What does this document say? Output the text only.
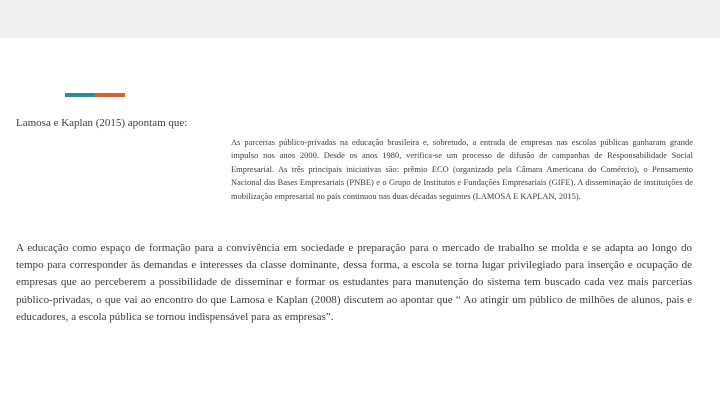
Lamosa e Kaplan (2015) apontam que:
As parcerias público-privadas na educação brasileira e, sobretudo, a entrada de empresas nas escolas públicas ganharam grande impulso nos anos 2000. Desde os anos 1980, verifica-se um processo de difusão de campanhas de Responsabilidade Social Empresarial. As três principais iniciativas são: prêmio ECO (organizado pela Câmara Americana do Comércio), o Pensamento Nacional das Bases Empresariais (PNBE) e o Grupo de Institutos e Fundações Empresariais (GIFE). A disseminação de instituições de mobilização empresarial no país continuou nas duas décadas seguintes (LAMOSA E KAPLAN, 2015).
A educação como espaço de formação para a convivência em sociedade e preparação para o mercado de trabalho se molda e se adapta ao longo do tempo para corresponder às demandas e interesses da classe dominante, dessa forma, a escola se torna lugar privilegiado para inserção e ocupação de empresas que ao perceberem a possibilidade de disseminar e formar os estudantes para manutenção do sistema tem buscado cada vez mais parcerias público-privadas, o que vai ao encontro do que Lamosa e Kaplan (2008) discutem ao apontar que “ Ao atingir um público de milhões de alunos, pais e educadores, a escola pública se tornou indispensável para as empresas”.
